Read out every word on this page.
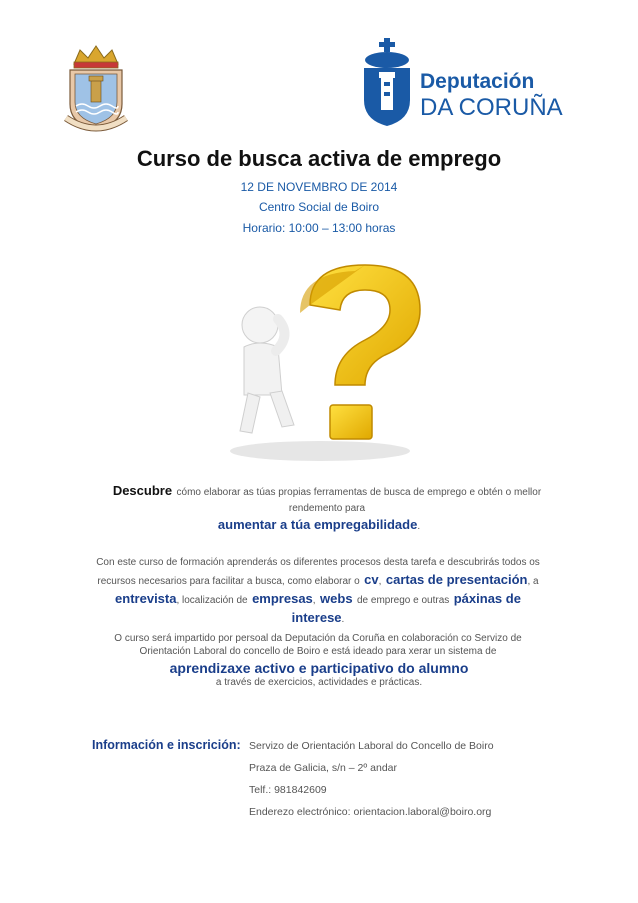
Deputación
DA CORUÑA
Curso de busca activa de emprego
12 DE NOVEMBRO DE 2014
Centro Social de Boiro
Horario: 10:00 – 13:00 horas
Descubre cómo elaborar as túas propias ferramentas de busca de emprego e obtén o mellor rendemento para
aumentar a túa empregabilidade.
Con este curso de formación aprenderás os diferentes procesos desta tarefa e descubrirás todos os recursos necesarios para facilitar a busca, como elaborar o cv, cartas de presentación, a entrevista, localización de empresas, webs de emprego e outras páxinas de interese.
O curso será impartido por persoal da Deputación da Coruña en colaboración co Servizo de Orientación Laboral do concello de Boiro e está ideado para xerar un sistema de
aprendizaxe activo e participativo do alumno
a través de exercicios, actividades e prácticas.
Información e inscrición: Servizo de Orientación Laboral do Concello de Boiro
Praza de Galicia, s/n – 2º andar
Telf.: 981842609
Enderezo electrónico: orientacion.laboral@boiro.org
